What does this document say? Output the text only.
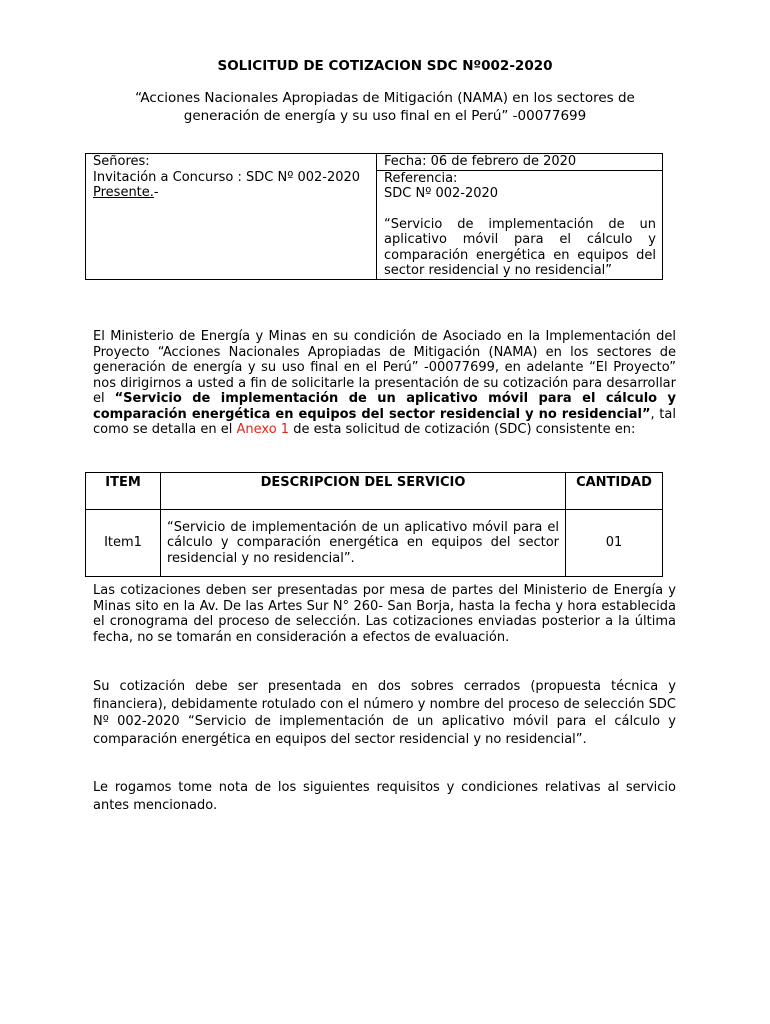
SOLICITUD DE COTIZACION SDC Nº002-2020
“Acciones Nacionales Apropiadas de Mitigación (NAMA) en los sectores de generación de energía y su uso final en el Perú” -00077699
Señores:
Invitación a Concurso : SDC Nº 002-2020
Presente.-

Fecha: 06 de febrero de 2020

Referencia:
SDC Nº 002-2020
“Servicio de implementación de un aplicativo móvil para el cálculo y comparación energética en equipos del sector residencial y no residencial”
El Ministerio de Energía y Minas en su condición de Asociado en la Implementación del Proyecto “Acciones Nacionales Apropiadas de Mitigación (NAMA) en los sectores de generación de energía y su uso final en el Perú” -00077699, en adelante “El Proyecto” nos dirigirnos a usted a fin de solicitarle la presentación de su cotización para desarrollar el “Servicio de implementación de un aplicativo móvil para el cálculo y comparación energética en equipos del sector residencial y no residencial”, tal como se detalla en el Anexo 1 de esta solicitud de cotización (SDC) consistente en:
ITEM	DESCRIPCION DEL SERVICIO	CANTIDAD
Item1	“Servicio de implementación de un aplicativo móvil para el cálculo y comparación energética en equipos del sector residencial y no residencial”.	01
Las cotizaciones deben ser presentadas por mesa de partes del Ministerio de Energía y Minas sito en la Av. De las Artes Sur N° 260- San Borja, hasta la fecha y hora establecida el cronograma del proceso de selección. Las cotizaciones enviadas posterior a la última fecha, no se tomarán en consideración a efectos de evaluación.
Su cotización debe ser presentada en dos sobres cerrados (propuesta técnica y financiera), debidamente rotulado con el número y nombre del proceso de selección SDC Nº 002-2020 “Servicio de implementación de un aplicativo móvil para el cálculo y comparación energética en equipos del sector residencial y no residencial”.
Le rogamos tome nota de los siguientes requisitos y condiciones relativas al servicio antes mencionado.
